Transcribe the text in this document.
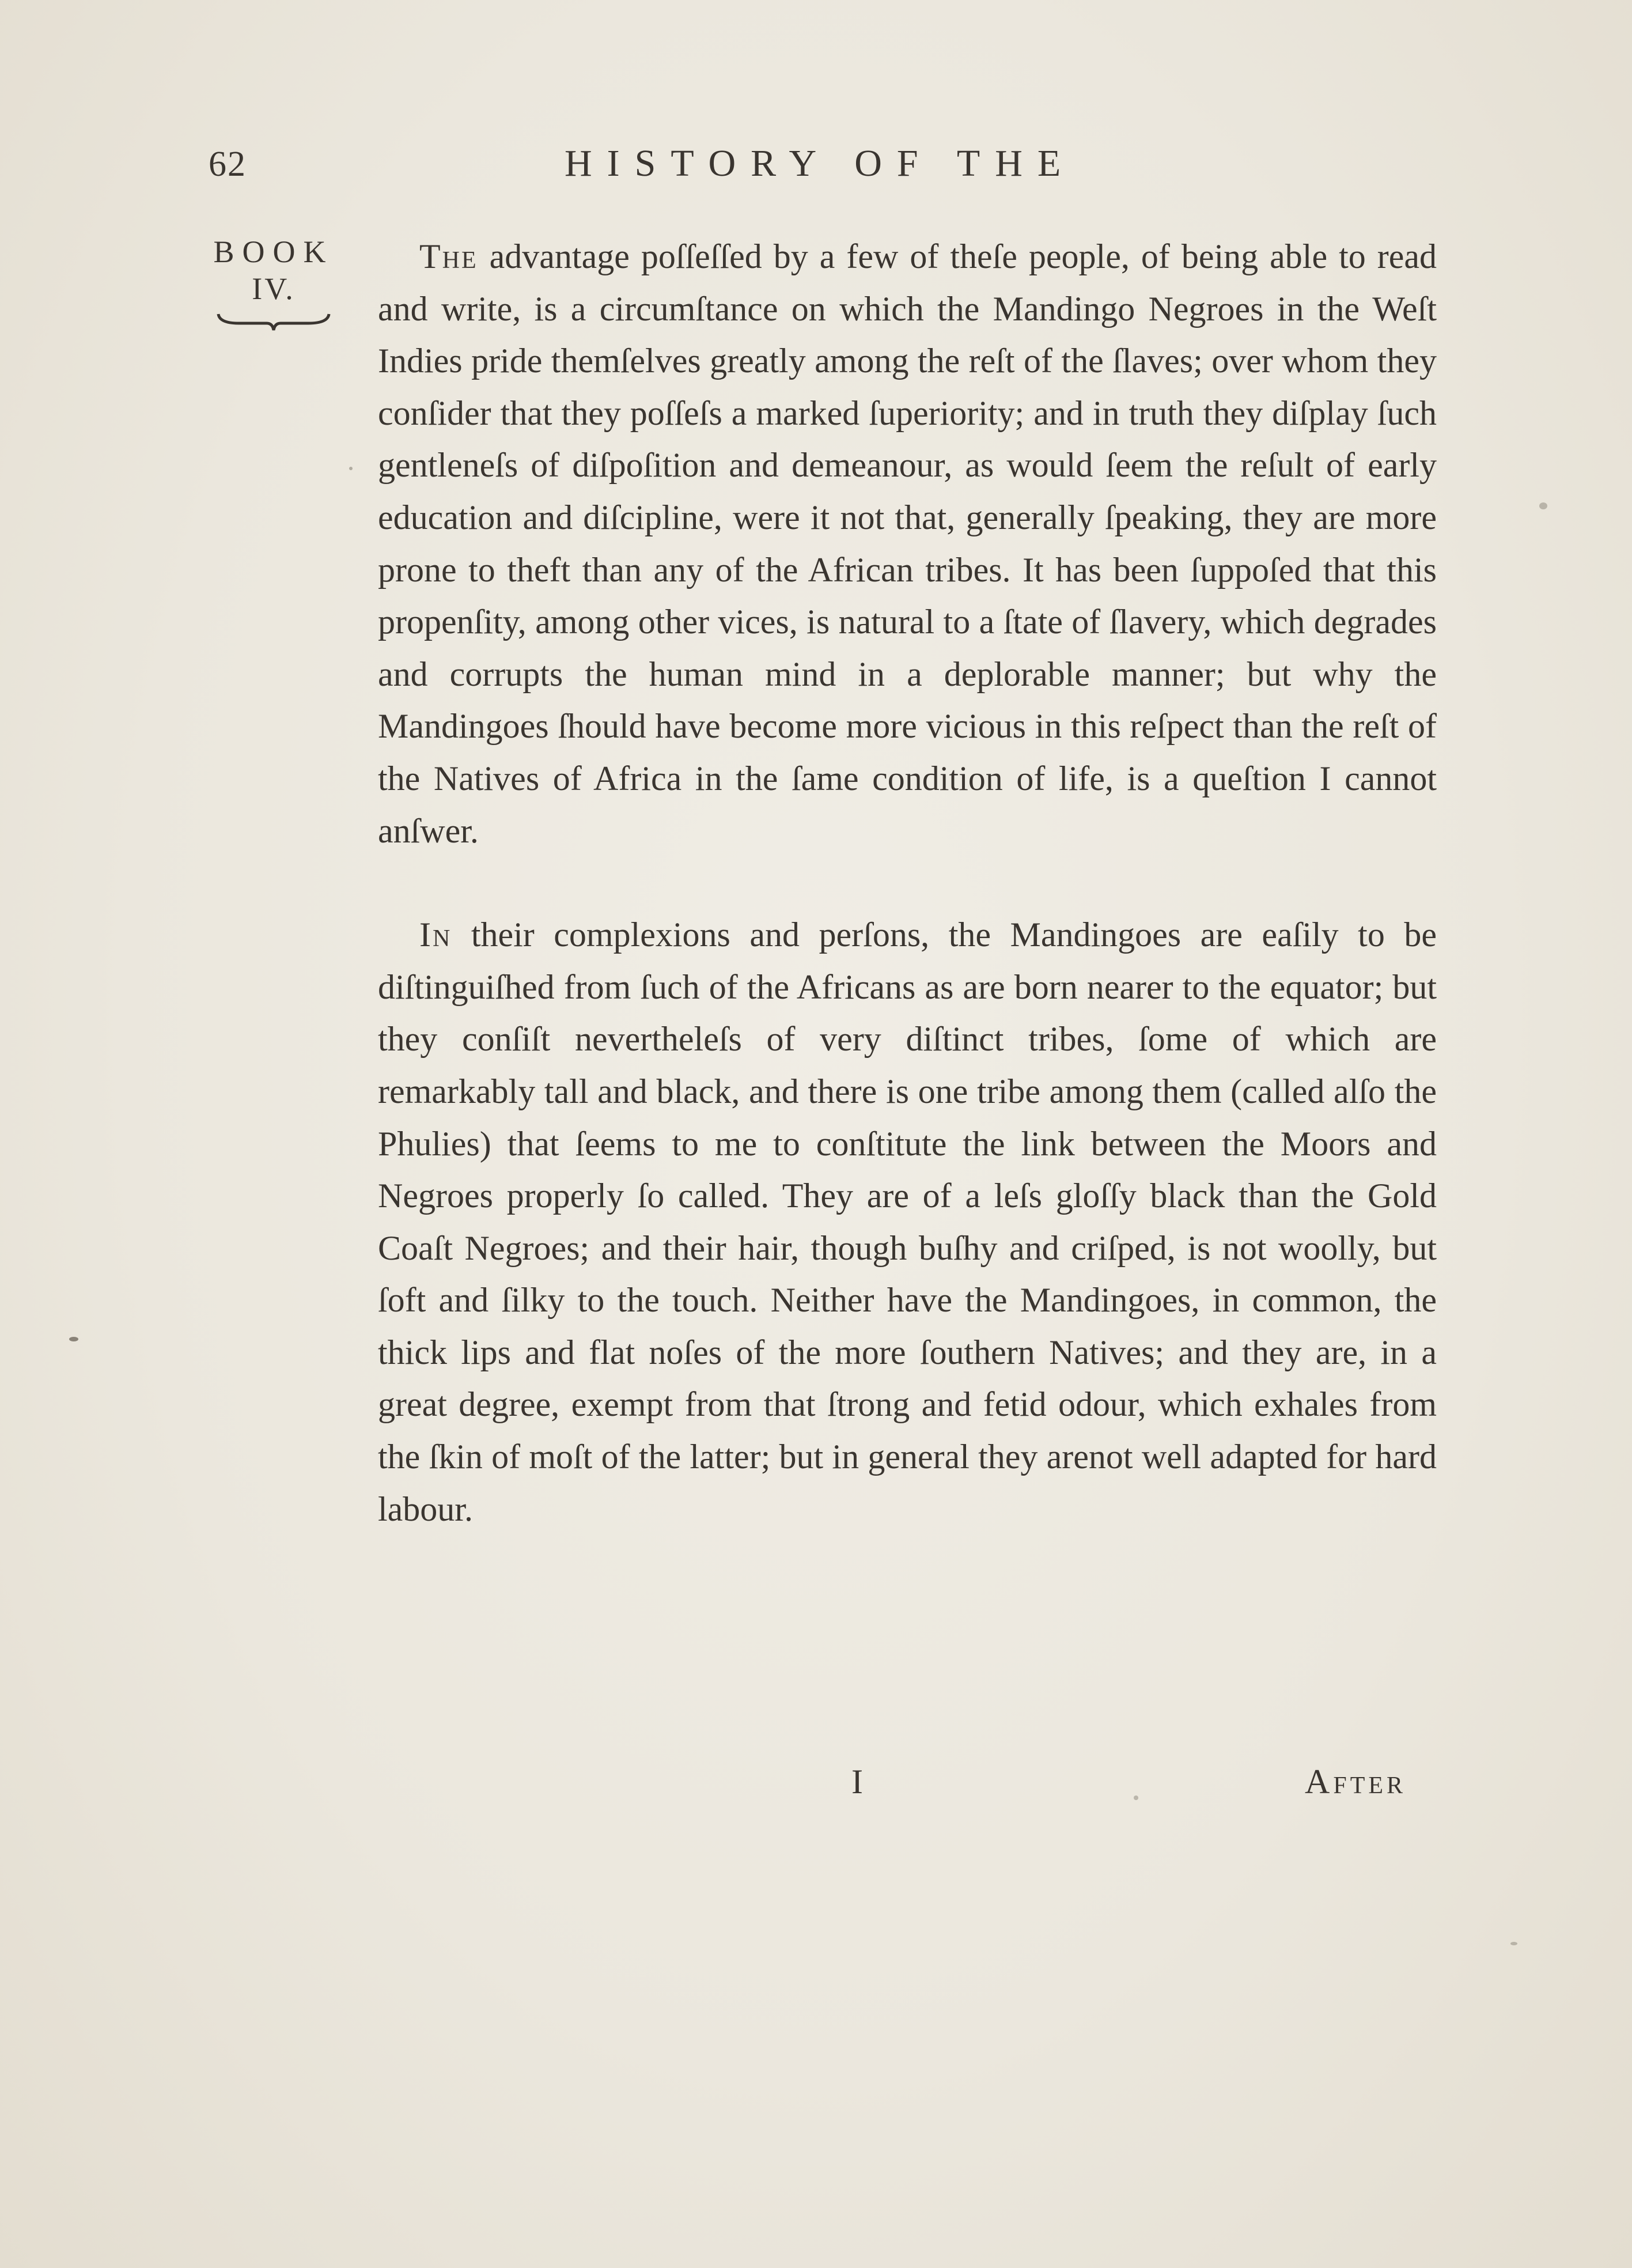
62	HISTORY OF THE
BOOK
IV.

The advantage poſſeſſed by a few of theſe people, of being able to read and write, is a circumſtance on which the Mandingo Negroes in the Weſt Indies pride themſelves greatly among the reſt of the ſlaves; over whom they conſider that they poſſeſs a marked ſuperiority; and in truth they diſplay ſuch gentleneſs of diſpoſition and demeanour, as would ſeem the reſult of early education and diſcipline, were it not that, generally ſpeaking, they are more prone to theft than any of the African tribes. It has been ſuppoſed that this propenſity, among other vices, is natural to a ſtate of ſlavery, which degrades and corrupts the human mind in a deplorable manner; but why the Mandingoes ſhould have become more vicious in this reſpect than the reſt of the Natives of Africa in the ſame condition of life, is a queſtion I cannot anſwer.

In their complexions and perſons, the Mandingoes are eaſily to be diſtinguiſhed from ſuch of the Africans as are born nearer to the equator; but they conſiſt nevertheleſs of very diſtinct tribes, ſome of which are remarkably tall and black, and there is one tribe among them (called alſo the Phulies) that ſeems to me to conſtitute the link between the Moors and Negroes properly ſo called. They are of a leſs gloſſy black than the Gold Coaſt Negroes; and their hair, though buſhy and criſped, is not woolly, but ſoft and ſilky to the touch. Neither have the Mandingoes, in common, the thick lips and flat noſes of the more ſouthern Natives; and they are, in a great degree, exempt from that ſtrong and fetid odour, which exhales from the ſkin of moſt of the latter; but in general they arenot well adapted for hard labour.

I	After
